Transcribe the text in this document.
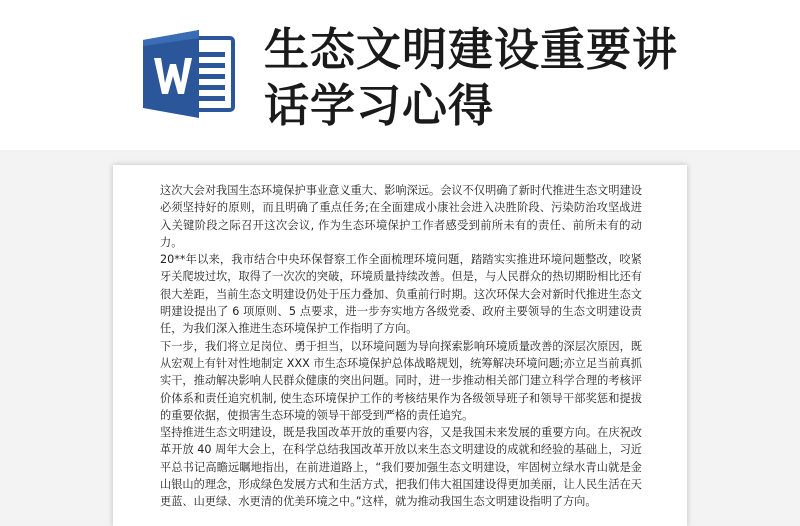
生态文明建设重要讲话学习心得

这次大会对我国生态环境保护事业意义重大、影响深远。会议不仅明确了新时代推进生态文明建设必须坚持好的原则，而且明确了重点任务;在全面建成小康社会进入决胜阶段、污染防治攻坚战进入关键阶段之际召开这次会议, 作为生态环境保护工作者感受到前所未有的责任、前所未有的动力。

20**年以来，我市结合中央环保督察工作全面梳理环境问题，踏踏实实推进环境问题整改，咬紧牙关爬坡过坎，取得了一次次的突破，环境质量持续改善。但是，与人民群众的热切期盼相比还有很大差距，当前生态文明建设仍处于压力叠加、负重前行时期。这次环保大会对新时代推进生态文明建设提出了 6 项原则、5 点要求，进一步夯实地方各级党委、政府主要领导的生态文明建设责任，为我们深入推进生态环境保护工作指明了方向。

下一步，我们将立足岗位、勇于担当，以环境问题为导向探索影响环境质量改善的深层次原因，既从宏观上有针对性地制定 XXX 市生态环境保护总体战略规划，统筹解决环境问题;亦立足当前真抓实干，推动解决影响人民群众健康的突出问题。同时，进一步推动相关部门建立科学合理的考核评价体系和责任追究机制, 使生态环境保护工作的考核结果作为各级领导班子和领导干部奖惩和提拔的重要依据，使损害生态环境的领导干部受到严格的责任追究。

坚持推进生态文明建设，既是我国改革开放的重要内容，又是我国未来发展的重要方向。在庆祝改革开放 40 周年大会上，在科学总结我国改革开放以来生态文明建设的成就和经验的基础上，习近平总书记高瞻远瞩地指出，在前进道路上，“我们要加强生态文明建设，牢固树立绿水青山就是金山银山的理念，形成绿色发展方式和生活方式，把我们伟大祖国建设得更加美丽，让人民生活在天更蓝、山更绿、水更清的优美环境之中。”这样，就为推动我国生态文明建设指明了方向。
